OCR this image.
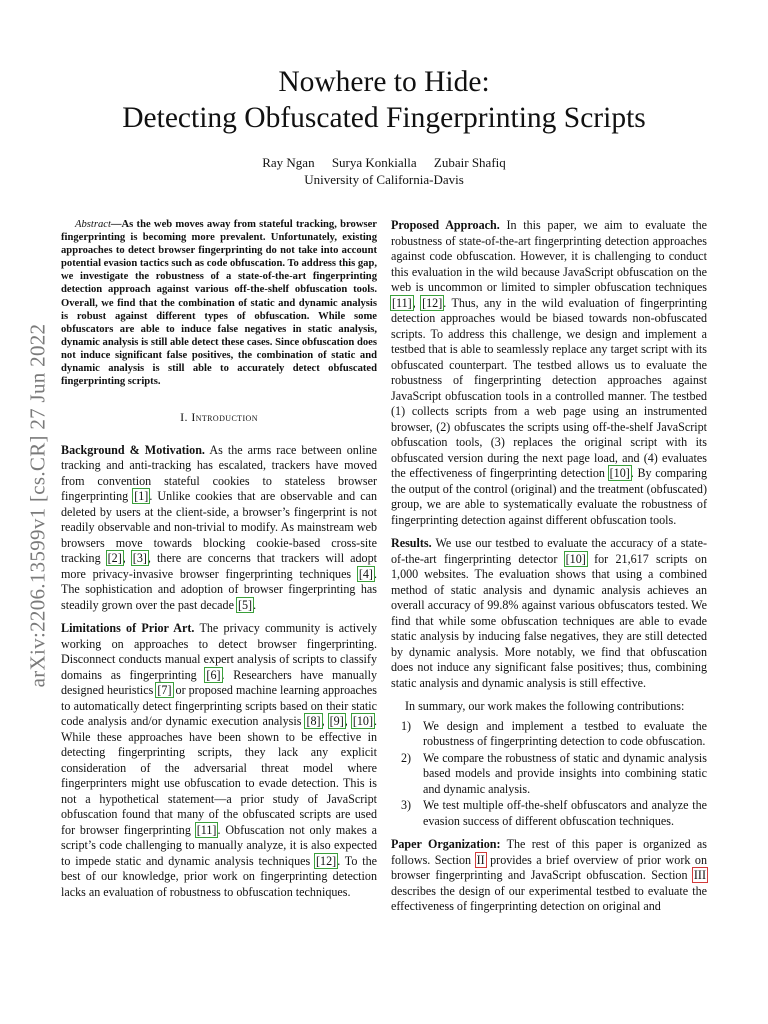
Nowhere to Hide:
Detecting Obfuscated Fingerprinting Scripts
Ray Ngan Surya Konkialla Zubair Shafiq
University of California-Davis
arXiv:2206.13599v1 [cs.CR] 27 Jun 2022

Abstract—As the web moves away from stateful tracking, browser fingerprinting is becoming more prevalent. Unfortunately, existing approaches to detect browser fingerprinting do not take into account potential evasion tactics such as code obfuscation. To address this gap, we investigate the robustness of a state-of-the-art fingerprinting detection approach against various off-the-shelf obfuscation tools. Overall, we find that the combination of static and dynamic analysis is robust against different types of obfuscation. While some obfuscators are able to induce false negatives in static analysis, dynamic analysis is still able detect these cases. Since obfuscation does not induce significant false positives, the combination of static and dynamic analysis is still able to accurately detect obfuscated fingerprinting scripts.

I. Introduction

Background & Motivation. As the arms race between online tracking and anti-tracking has escalated, trackers have moved from convention stateful cookies to stateless browser fingerprinting [1]. Unlike cookies that are observable and can deleted by users at the client-side, a browser’s fingerprint is not readily observable and non-trivial to modify. As mainstream web browsers move towards blocking cookie-based cross-site tracking [2], [3], there are concerns that trackers will adopt more privacy-invasive browser fingerprinting techniques [4]. The sophistication and adoption of browser fingerprinting has steadily grown over the past decade [5].

Limitations of Prior Art. The privacy community is actively working on approaches to detect browser fingerprinting. Disconnect conducts manual expert analysis of scripts to classify domains as fingerprinting [6]. Researchers have manually designed heuristics [7] or proposed machine learning approaches to automatically detect fingerprinting scripts based on their static code analysis and/or dynamic execution analysis [8], [9], [10]. While these approaches have been shown to be effective in detecting fingerprinting scripts, they lack any explicit consideration of the adversarial threat model where fingerprinters might use obfuscation to evade detection. This is not a hypothetical statement—a prior study of JavaScript obfuscation found that many of the obfuscated scripts are used for browser fingerprinting [11]. Obfuscation not only makes a script’s code challenging to manually analyze, it is also expected to impede static and dynamic analysis techniques [12]. To the best of our knowledge, prior work on fingerprinting detection lacks an evaluation of robustness to obfuscation techniques.

Proposed Approach. In this paper, we aim to evaluate the robustness of state-of-the-art fingerprinting detection approaches against code obfuscation. However, it is challenging to conduct this evaluation in the wild because JavaScript obfuscation on the web is uncommon or limited to simpler obfuscation techniques [11], [12]. Thus, any in the wild evaluation of fingerprinting detection approaches would be biased towards non-obfuscated scripts. To address this challenge, we design and implement a testbed that is able to seamlessly replace any target script with its obfuscated counterpart. The testbed allows us to evaluate the robustness of fingerprinting detection approaches against JavaScript obfuscation tools in a controlled manner. The testbed (1) collects scripts from a web page using an instrumented browser, (2) obfuscates the scripts using off-the-shelf JavaScript obfuscation tools, (3) replaces the original script with its obfuscated version during the next page load, and (4) evaluates the effectiveness of fingerprinting detection [10]. By comparing the output of the control (original) and the treatment (obfuscated) group, we are able to systematically evaluate the robustness of fingerprinting detection against different obfuscation tools.

Results. We use our testbed to evaluate the accuracy of a state-of-the-art fingerprinting detector [10] for 21,617 scripts on 1,000 websites. The evaluation shows that using a combined method of static analysis and dynamic analysis achieves an overall accuracy of 99.8% against various obfuscators tested. We find that while some obfuscation techniques are able to evade static analysis by inducing false negatives, they are still detected by dynamic analysis. More notably, we find that obfuscation does not induce any significant false positives; thus, combining static analysis and dynamic analysis is still effective.

In summary, our work makes the following contributions:

1) We design and implement a testbed to evaluate the robustness of fingerprinting detection to code obfuscation.
2) We compare the robustness of static and dynamic analysis based models and provide insights into combining static and dynamic analysis.
3) We test multiple off-the-shelf obfuscators and analyze the evasion success of different obfuscation techniques.

Paper Organization: The rest of this paper is organized as follows. Section II provides a brief overview of prior work on browser fingerprinting and JavaScript obfuscation. Section III describes the design of our experimental testbed to evaluate the effectiveness of fingerprinting detection on original and
